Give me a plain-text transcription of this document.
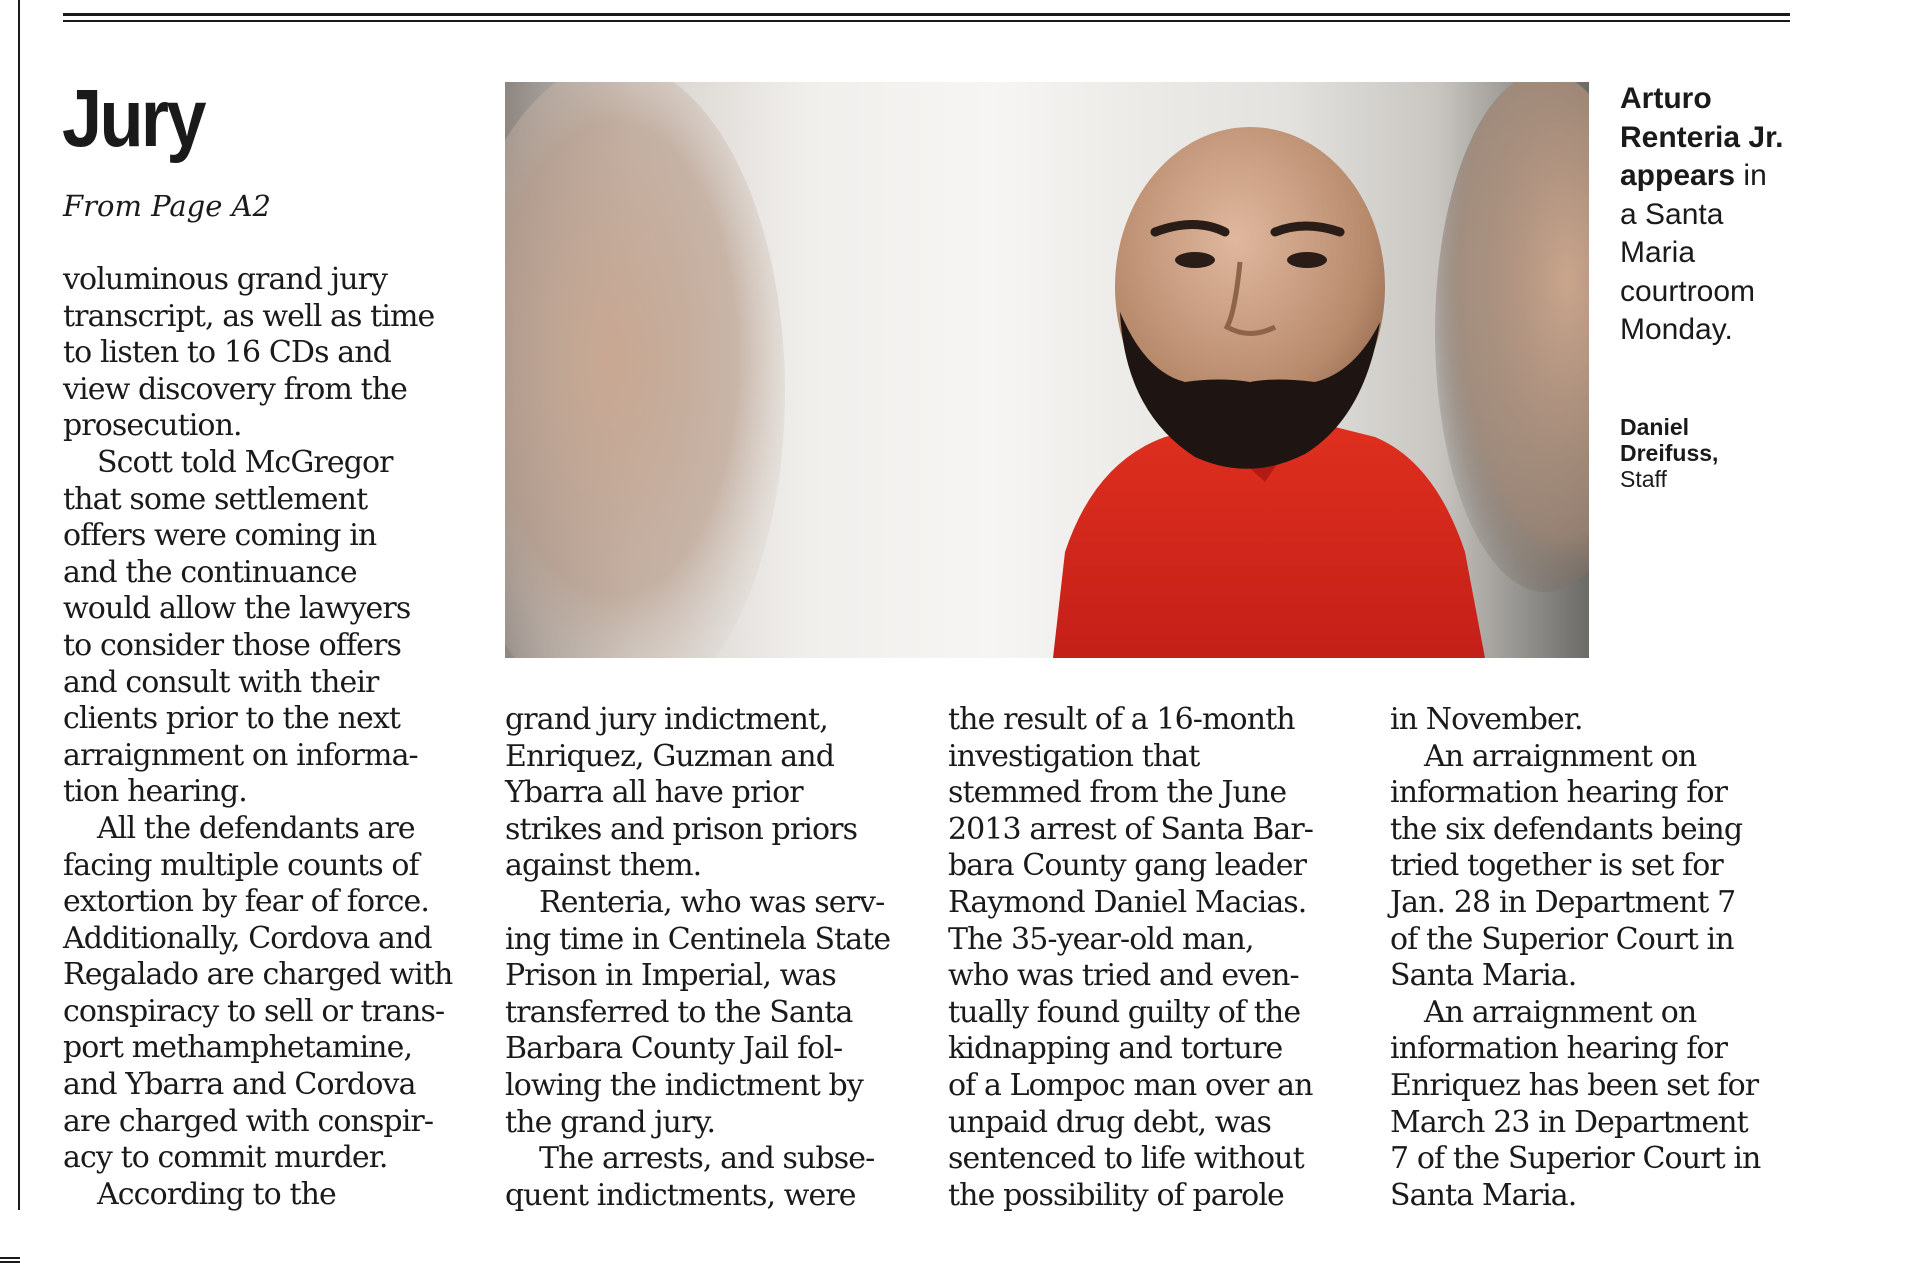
Jury
From Page A2

voluminous grand jury
transcript, as well as time
to listen to 16 CDs and
view discovery from the
prosecution.

Scott told McGregor
that some settlement
offers were coming in
and the continuance
would allow the lawyers
to consider those offers
and consult with their
clients prior to the next
arraignment on informa-
tion hearing.

All the defendants are
facing multiple counts of
extortion by fear of force.
Additionally, Cordova and
Regalado are charged with
conspiracy to sell or trans-
port methamphetamine,
and Ybarra and Cordova
are charged with conspir-
acy to commit murder.

According to the

grand jury indictment,
Enriquez, Guzman and
Ybarra all have prior
strikes and prison priors
against them.

Renteria, who was serv-
ing time in Centinela State
Prison in Imperial, was
transferred to the Santa
Barbara County Jail fol-
lowing the indictment by
the grand jury.

The arrests, and subse-
quent indictments, were

the result of a 16-month
investigation that
stemmed from the June
2013 arrest of Santa Bar-
bara County gang leader
Raymond Daniel Macias.
The 35-year-old man,
who was tried and even-
tually found guilty of the
kidnapping and torture
of a Lompoc man over an
unpaid drug debt, was
sentenced to life without
the possibility of parole

in November.

An arraignment on
information hearing for
the six defendants being
tried together is set for
Jan. 28 in Department 7
of the Superior Court in
Santa Maria.

An arraignment on
information hearing for
Enriquez has been set for
March 23 in Department
7 of the Superior Court in
Santa Maria.

Arturo Renteria Jr. appears in a Santa Maria courtroom Monday.
Daniel Dreifuss,
Staff
